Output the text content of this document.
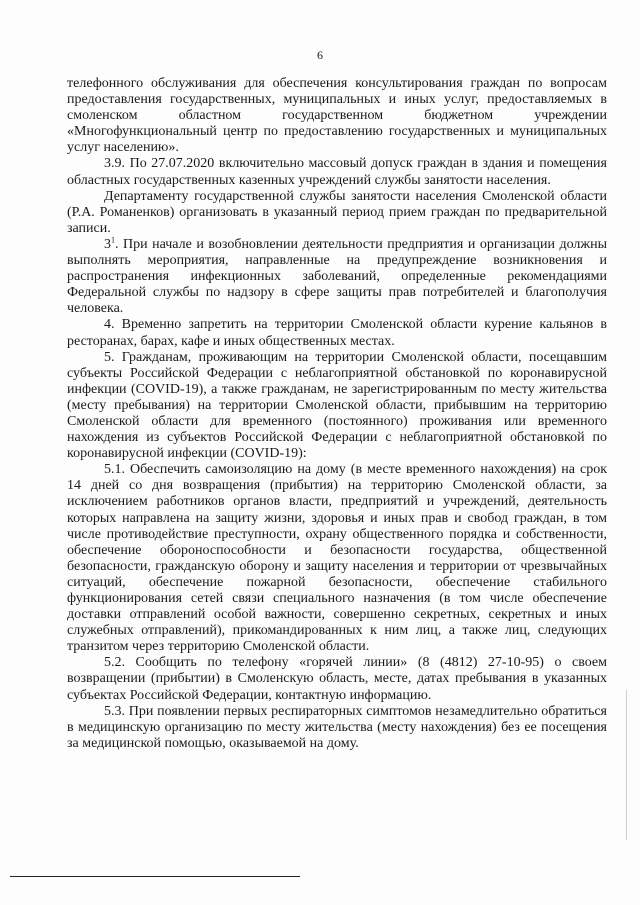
6

телефонного обслуживания для обеспечения консультирования граждан по вопросам предоставления государственных, муниципальных и иных услуг, предоставляемых в смоленском областном государственном бюджетном учреждении «Многофункциональный центр по предоставлению государственных и муниципальных услуг населению».

3.9. По 27.07.2020 включительно массовый допуск граждан в здания и помещения областных государственных казенных учреждений службы занятости населения.

Департаменту государственной службы занятости населения Смоленской области (Р.А. Романенков) организовать в указанный период прием граждан по предварительной записи.

$3^1$. При начале и возобновлении деятельности предприятия и организации должны выполнять мероприятия, направленные на предупреждение возникновения и распространения инфекционных заболеваний, определенные рекомендациями Федеральной службы по надзору в сфере защиты прав потребителей и благополучия человека.

4. Временно запретить на территории Смоленской области курение кальянов в ресторанах, барах, кафе и иных общественных местах.

5. Гражданам, проживающим на территории Смоленской области, посещавшим субъекты Российской Федерации с неблагоприятной обстановкой по коронавирусной инфекции (COVID-19), а также гражданам, не зарегистрированным по месту жительства (месту пребывания) на территории Смоленской области, прибывшим на территорию Смоленской области для временного (постоянного) проживания или временного нахождения из субъектов Российской Федерации с неблагоприятной обстановкой по коронавирусной инфекции (COVID-19):

5.1. Обеспечить самоизоляцию на дому (в месте временного нахождения) на срок 14 дней со дня возвращения (прибытия) на территорию Смоленской области, за исключением работников органов власти, предприятий и учреждений, деятельность которых направлена на защиту жизни, здоровья и иных прав и свобод граждан, в том числе противодействие преступности, охрану общественного порядка и собственности, обеспечение обороноспособности и безопасности государства, общественной безопасности, гражданскую оборону и защиту населения и территории от чрезвычайных ситуаций, обеспечение пожарной безопасности, обеспечение стабильного функционирования сетей связи специального назначения (в том числе обеспечение доставки отправлений особой важности, совершенно секретных, секретных и иных служебных отправлений), прикомандированных к ним лиц, а также лиц, следующих транзитом через территорию Смоленской области.

5.2. Сообщить по телефону «горячей линии» (8 (4812) 27-10-95) о своем возвращении (прибытии) в Смоленскую область, месте, датах пребывания в указанных субъектах Российской Федерации, контактную информацию.

5.3. При появлении первых респираторных симптомов незамедлительно обратиться в медицинскую организацию по месту жительства (месту нахождения) без ее посещения за медицинской помощью, оказываемой на дому.
